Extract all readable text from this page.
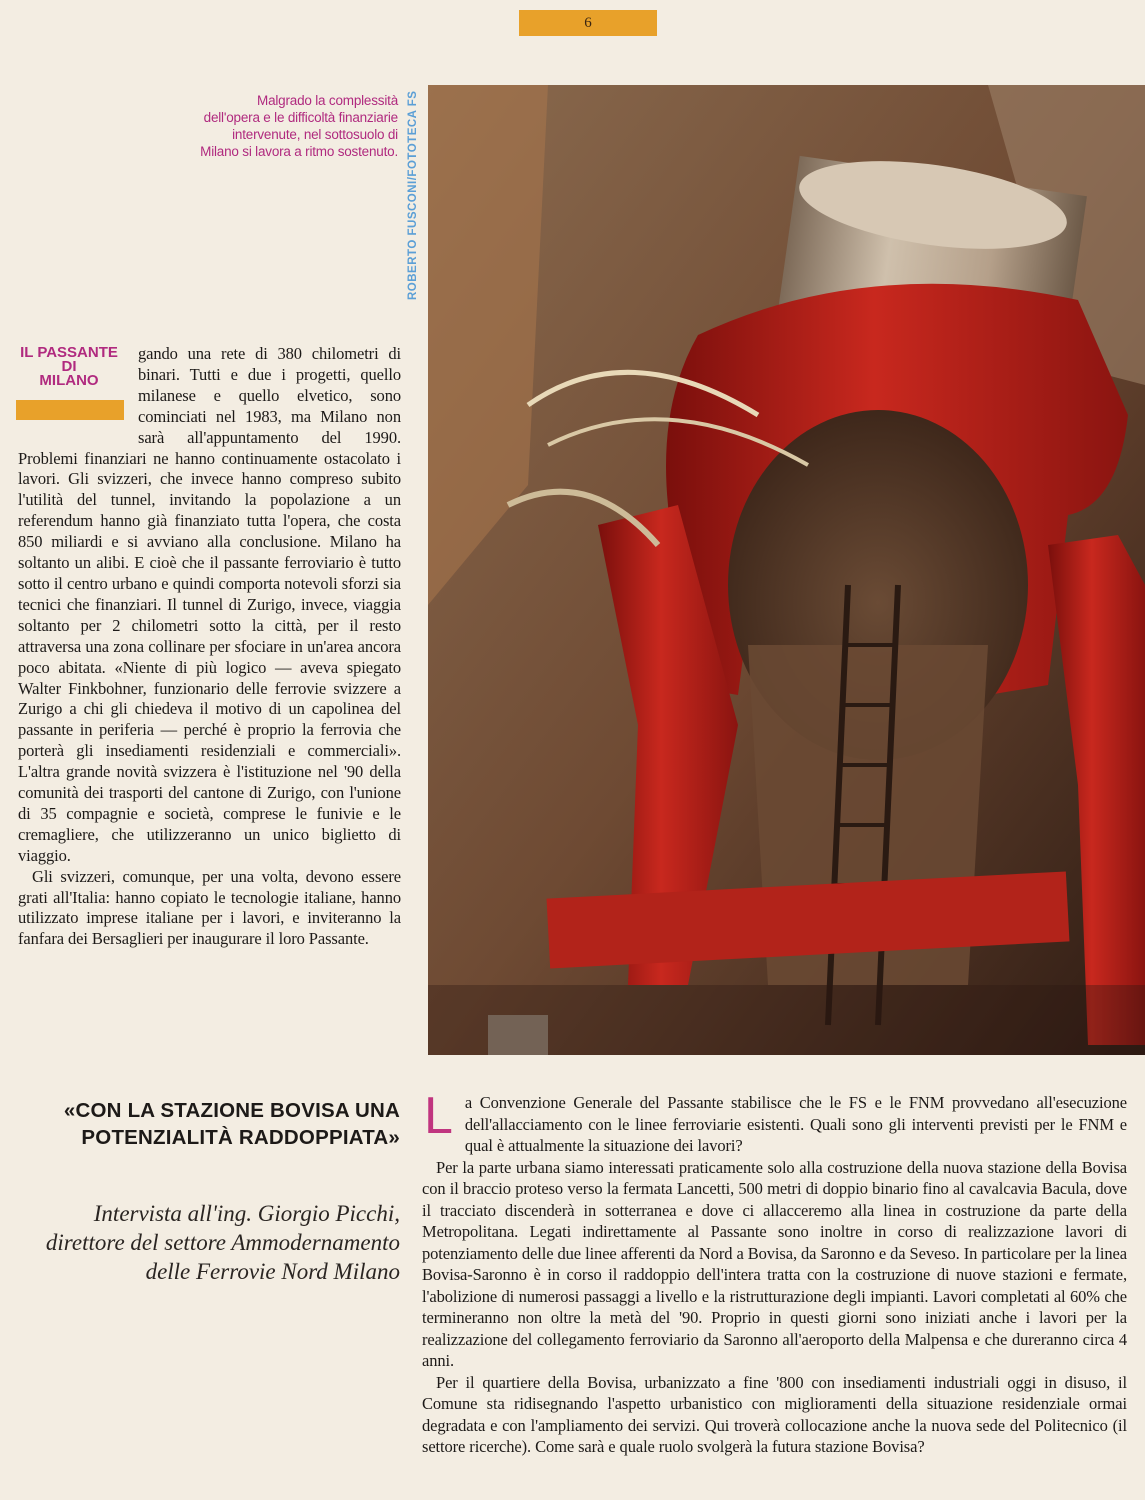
6
Malgrado la complessità dell'opera e le difficoltà finanziarie intervenute, nel sottosuolo di Milano si lavora a ritmo sostenuto. ROBERTO FUSCONI/FOTOTECA FS
IL PASSANTE
DI
MILANO

gando una rete di 380 chilometri di binari. Tutti e due i progetti, quello milanese e quello elvetico, sono cominciati nel 1983, ma Milano non sarà all'appuntamento del 1990. Problemi finanziari ne hanno continuamente ostacolato i lavori. Gli svizzeri, che invece hanno compreso subito l'utilità del tunnel, invitando la popolazione a un referendum hanno già finanziato tutta l'opera, che costa 850 miliardi e si avviano alla conclusione. Milano ha soltanto un alibi. E cioè che il passante ferroviario è tutto sotto il centro urbano e quindi comporta notevoli sforzi sia tecnici che finanziari. Il tunnel di Zurigo, invece, viaggia soltanto per 2 chilometri sotto la città, per il resto attraversa una zona collinare per sfociare in un'area ancora poco abitata. «Niente di più logico — aveva spiegato Walter Finkbohner, funzionario delle ferrovie svizzere a Zurigo a chi gli chiedeva il motivo di un capolinea del passante in periferia — perché è proprio la ferrovia che porterà gli insediamenti residenziali e commerciali». L'altra grande novità svizzera è l'istituzione nel '90 della comunità dei trasporti del cantone di Zurigo, con l'unione di 35 compagnie e società, comprese le funivie e le cremagliere, che utilizzeranno un unico biglietto di viaggio.

Gli svizzeri, comunque, per una volta, devono essere grati all'Italia: hanno copiato le tecnologie italiane, hanno utilizzato imprese italiane per i lavori, e inviteranno la fanfara dei Bersaglieri per inaugurare il loro Passante.

«CON LA STAZIONE BOVISA UNA POTENZIALITÀ RADDOPPIATA»
Intervista all'ing. Giorgio Picchi, direttore del settore Ammodernamento delle Ferrovie Nord Milano

La Convenzione Generale del Passante stabilisce che le FS e le FNM provvedano all'esecuzione dell'allacciamento con le linee ferroviarie esistenti. Quali sono gli interventi previsti per le FNM e qual è attualmente la situazione dei lavori?

Per la parte urbana siamo interessati praticamente solo alla costruzione della nuova stazione della Bovisa con il braccio proteso verso la fermata Lancetti, 500 metri di doppio binario fino al cavalcavia Bacula, dove il tracciato discenderà in sotterranea e dove ci allacceremo alla linea in costruzione da parte della Metropolitana. Legati indirettamente al Passante sono inoltre in corso di realizzazione lavori di potenziamento delle due linee afferenti da Nord a Bovisa, da Saronno e da Seveso. In particolare per la linea Bovisa-Saronno è in corso il raddoppio dell'intera tratta con la costruzione di nuove stazioni e fermate, l'abolizione di numerosi passaggi a livello e la ristrutturazione degli impianti. Lavori completati al 60% che termineranno non oltre la metà del '90. Proprio in questi giorni sono iniziati anche i lavori per la realizzazione del collegamento ferroviario da Saronno all'aeroporto della Malpensa e che dureranno circa 4 anni.

Per il quartiere della Bovisa, urbanizzato a fine '800 con insediamenti industriali oggi in disuso, il Comune sta ridisegnando l'aspetto urbanistico con miglioramenti della situazione residenziale ormai degradata e con l'ampliamento dei servizi. Qui troverà collocazione anche la nuova sede del Politecnico (il settore ricerche). Come sarà e quale ruolo svolgerà la futura stazione Bovisa?
